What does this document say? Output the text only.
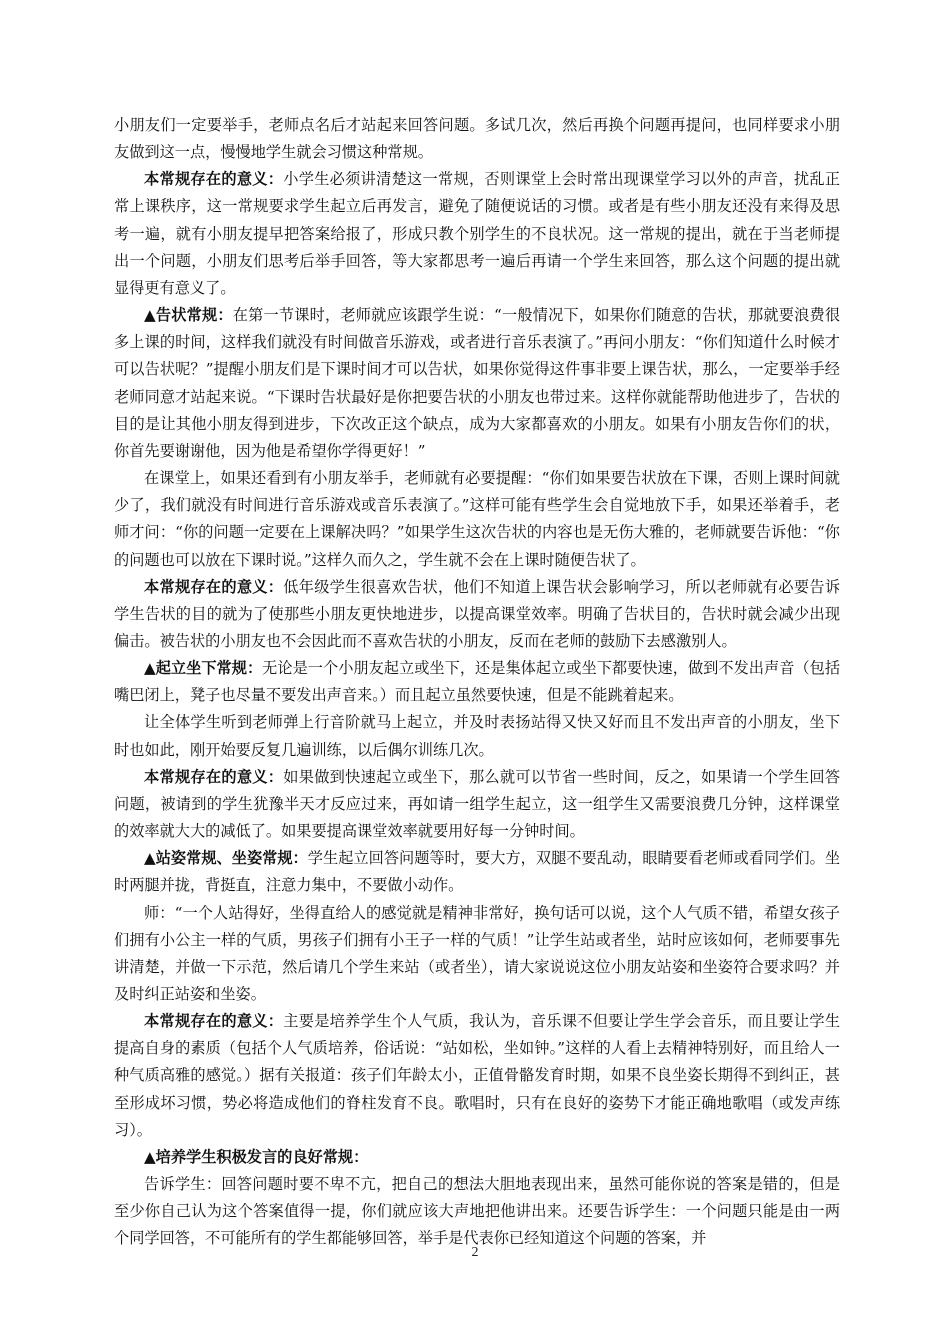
小朋友们一定要举手，老师点名后才站起来回答问题。多试几次，然后再换个问题再提问，也同样要求小朋友做到这一点，慢慢地学生就会习惯这种常规。

本常规存在的意义：小学生必须讲清楚这一常规，否则课堂上会时常出现课堂学习以外的声音，扰乱正常上课秩序，这一常规要求学生起立后再发言，避免了随便说话的习惯。或者是有些小朋友还没有来得及思考一遍，就有小朋友提早把答案给报了，形成只教个别学生的不良状况。这一常规的提出，就在于当老师提出一个问题，小朋友们思考后举手回答，等大家都思考一遍后再请一个学生来回答，那么这个问题的提出就显得更有意义了。

▲告状常规：在第一节课时，老师就应该跟学生说：“一般情况下，如果你们随意的告状，那就要浪费很多上课的时间，这样我们就没有时间做音乐游戏，或者进行音乐表演了。”再问小朋友：“你们知道什么时候才可以告状呢？”提醒小朋友们是下课时间才可以告状，如果你觉得这件事非要上课告状，那么，一定要举手经老师同意才站起来说。“下课时告状最好是你把要告状的小朋友也带过来。这样你就能帮助他进步了，告状的目的是让其他小朋友得到进步，下次改正这个缺点，成为大家都喜欢的小朋友。如果有小朋友告你们的状，你首先要谢谢他，因为他是希望你学得更好！”

在课堂上，如果还看到有小朋友举手，老师就有必要提醒：“你们如果要告状放在下课，否则上课时间就少了，我们就没有时间进行音乐游戏或音乐表演了。”这样可能有些学生会自觉地放下手，如果还举着手，老师才问：“你的问题一定要在上课解决吗？”如果学生这次告状的内容也是无伤大雅的，老师就要告诉他：“你的问题也可以放在下课时说。”这样久而久之，学生就不会在上课时随便告状了。

本常规存在的意义：低年级学生很喜欢告状，他们不知道上课告状会影响学习，所以老师就有必要告诉学生告状的目的就为了使那些小朋友更快地进步，以提高课堂效率。明确了告状目的，告状时就会减少出现偏击。被告状的小朋友也不会因此而不喜欢告状的小朋友，反而在老师的鼓励下去感激别人。

▲起立坐下常规：无论是一个小朋友起立或坐下，还是集体起立或坐下都要快速，做到不发出声音（包括嘴巴闭上，凳子也尽量不要发出声音来。）而且起立虽然要快速，但是不能跳着起来。

让全体学生听到老师弹上行音阶就马上起立，并及时表扬站得又快又好而且不发出声音的小朋友，坐下时也如此，刚开始要反复几遍训练，以后偶尔训练几次。

本常规存在的意义：如果做到快速起立或坐下，那么就可以节省一些时间，反之，如果请一个学生回答问题，被请到的学生犹豫半天才反应过来，再如请一组学生起立，这一组学生又需要浪费几分钟，这样课堂的效率就大大的减低了。如果要提高课堂效率就要用好每一分钟时间。

▲站姿常规、坐姿常规：学生起立回答问题等时，要大方，双腿不要乱动，眼睛要看老师或看同学们。坐时两腿并拢，背挺直，注意力集中，不要做小动作。

师：“一个人站得好，坐得直给人的感觉就是精神非常好，换句话可以说，这个人气质不错，希望女孩子们拥有小公主一样的气质，男孩子们拥有小王子一样的气质！”让学生站或者坐，站时应该如何，老师要事先讲清楚，并做一下示范，然后请几个学生来站（或者坐），请大家说说这位小朋友站姿和坐姿符合要求吗？并及时纠正站姿和坐姿。

本常规存在的意义：主要是培养学生个人气质，我认为，音乐课不但要让学生学会音乐，而且要让学生提高自身的素质（包括个人气质培养，俗话说：“站如松，坐如钟。”这样的人看上去精神特别好，而且给人一种气质高雅的感觉。）据有关报道：孩子们年龄太小，正值骨骼发育时期，如果不良坐姿长期得不到纠正，甚至形成坏习惯，势必将造成他们的脊柱发育不良。歌唱时，只有在良好的姿势下才能正确地歌唱（或发声练习）。

▲培养学生积极发言的良好常规：

告诉学生：回答问题时要不卑不亢，把自己的想法大胆地表现出来，虽然可能你说的答案是错的，但是至少你自己认为这个答案值得一提，你们就应该大声地把他讲出来。还要告诉学生：一个问题只能是由一两个同学回答，不可能所有的学生都能够回答，举手是代表你已经知道这个问题的答案，并

2
